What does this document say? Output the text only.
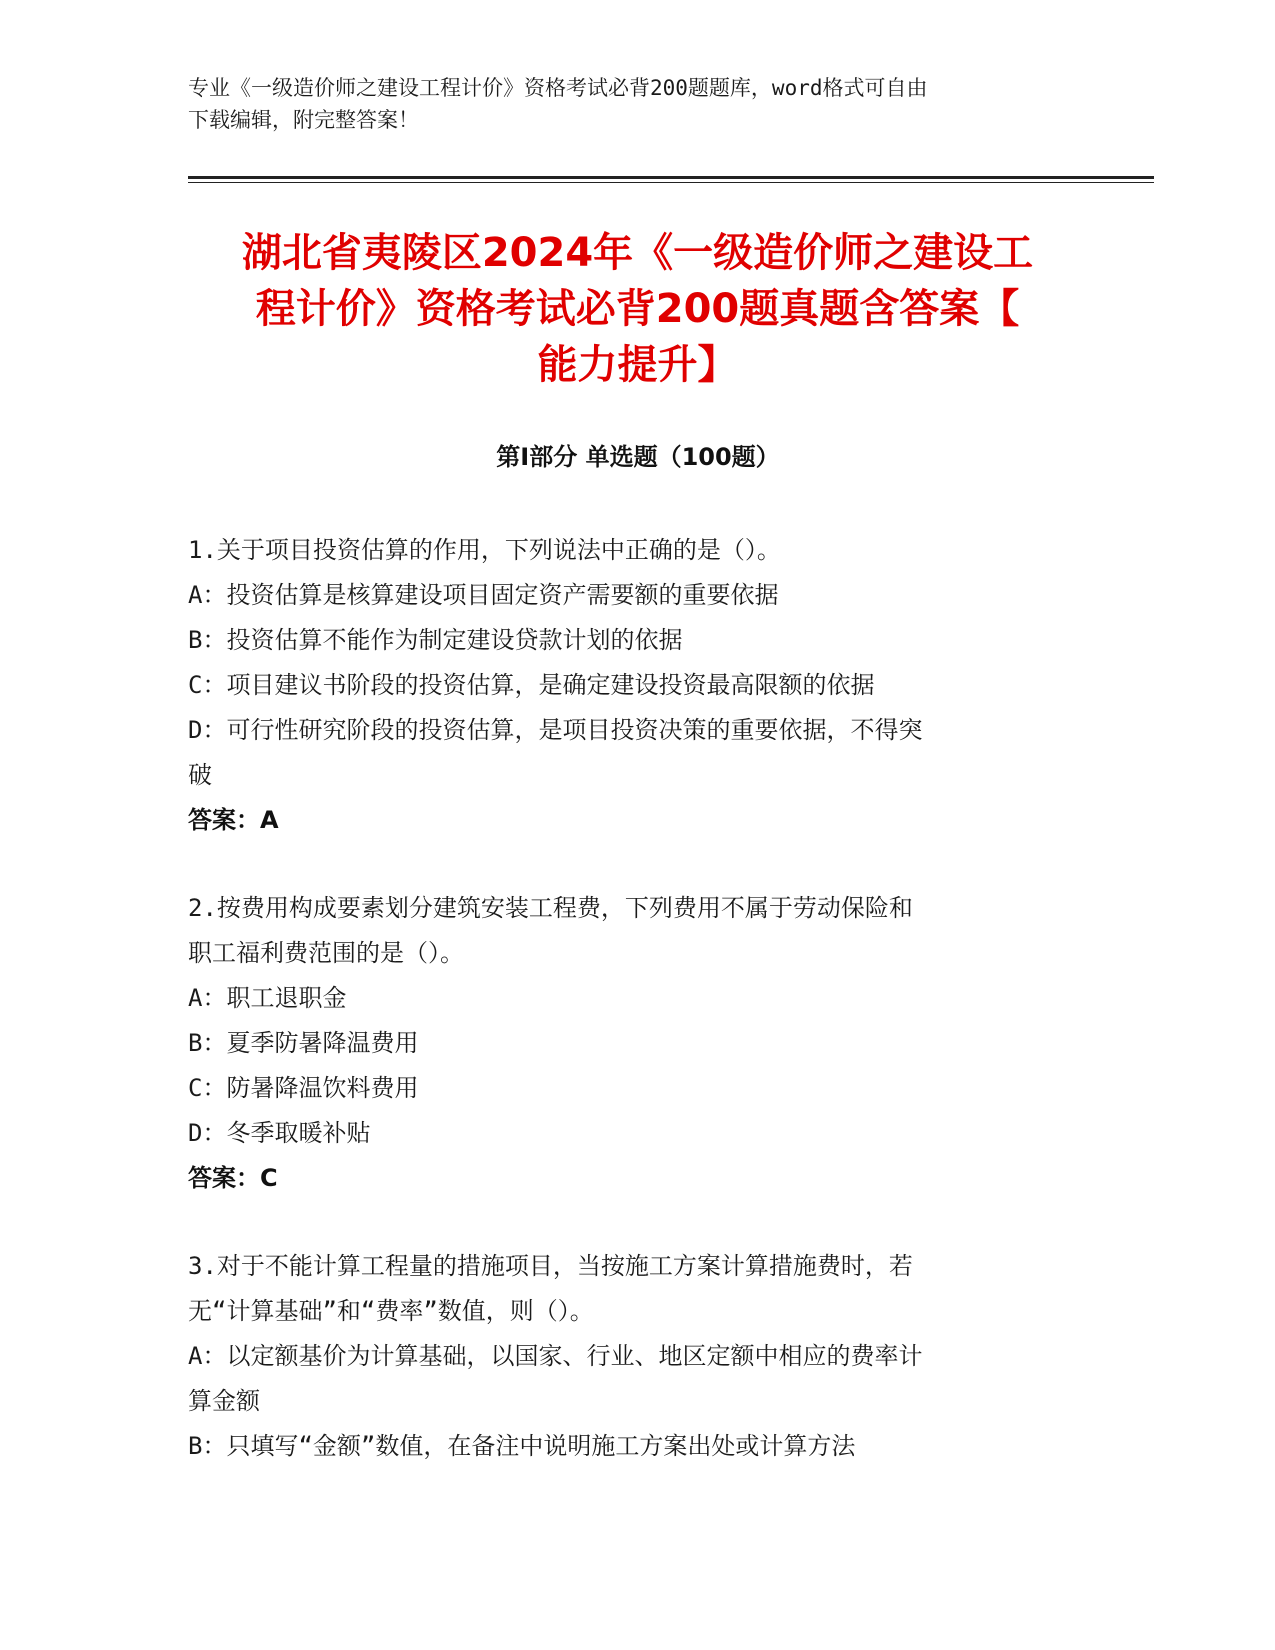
专业《一级造价师之建设工程计价》资格考试必背200题题库，word格式可自由
下载编辑，附完整答案！
湖北省夷陵区2024年《一级造价师之建设工
程计价》资格考试必背200题真题含答案【
能力提升】
第I部分 单选题（100题）
1.关于项目投资估算的作用，下列说法中正确的是（）。
A：投资估算是核算建设项目固定资产需要额的重要依据
B：投资估算不能作为制定建设贷款计划的依据
C：项目建议书阶段的投资估算，是确定建设投资最高限额的依据
D：可行性研究阶段的投资估算，是项目投资决策的重要依据，不得突
破
答案：A
2.按费用构成要素划分建筑安装工程费，下列费用不属于劳动保险和
职工福利费范围的是（）。
A：职工退职金
B：夏季防暑降温费用
C：防暑降温饮料费用
D：冬季取暖补贴
答案：C
3.对于不能计算工程量的措施项目，当按施工方案计算措施费时，若
无“计算基础”和“费率”数值，则（）。
A：以定额基价为计算基础，以国家、行业、地区定额中相应的费率计
算金额
B：只填写“金额”数值，在备注中说明施工方案出处或计算方法
